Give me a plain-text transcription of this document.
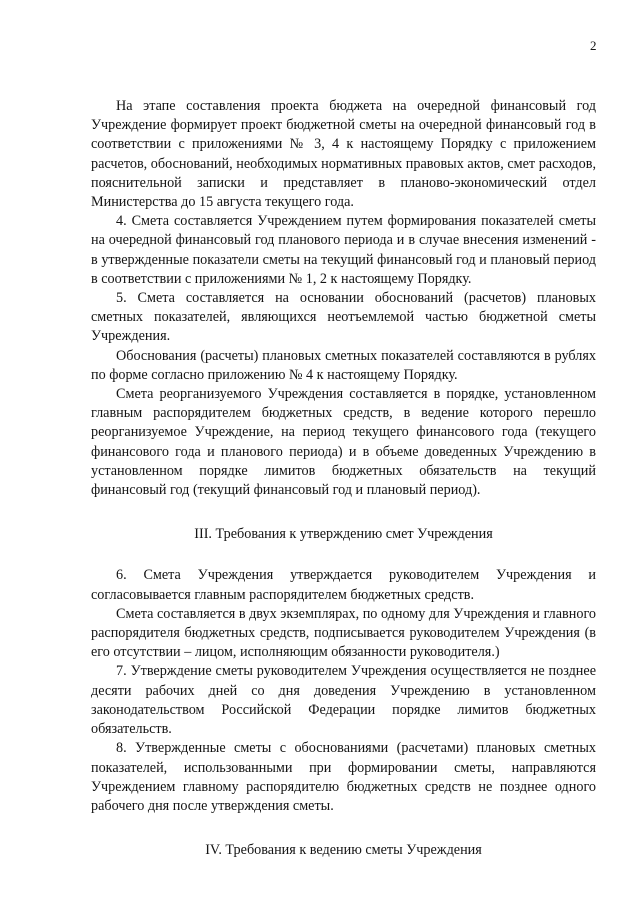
2

На этапе составления проекта бюджета на очередной финансовый год Учреждение формирует проект бюджетной сметы на очередной финансовый год в соответствии с приложениями № 3, 4 к настоящему Порядку с приложением расчетов, обоснований, необходимых нормативных правовых актов, смет расходов, пояснительной записки и представляет в планово-экономический отдел Министерства до 15 августа текущего года.

4. Смета составляется Учреждением путем формирования показателей сметы на очередной финансовый год планового периода и в случае внесения изменений - в утвержденные показатели сметы на текущий финансовый год и плановый период в соответствии с приложениями № 1, 2 к настоящему Порядку.

5. Смета составляется на основании обоснований (расчетов) плановых сметных показателей, являющихся неотъемлемой частью бюджетной сметы Учреждения.

Обоснования (расчеты) плановых сметных показателей составляются в рублях по форме согласно приложению № 4 к настоящему Порядку.

Смета реорганизуемого Учреждения составляется в порядке, установленном главным распорядителем бюджетных средств, в ведение которого перешло реорганизуемое Учреждение, на период текущего финансового года (текущего финансового года и планового периода) и в объеме доведенных Учреждению в установленном порядке лимитов бюджетных обязательств на текущий финансовый год (текущий финансовый год и плановый период).

III. Требования к утверждению смет Учреждения

6. Смета Учреждения утверждается руководителем Учреждения и согласовывается главным распорядителем бюджетных средств.

Смета составляется в двух экземплярах, по одному для Учреждения и главного распорядителя бюджетных средств, подписывается руководителем Учреждения (в его отсутствии – лицом, исполняющим обязанности руководителя.)

7. Утверждение сметы руководителем Учреждения осуществляется не позднее десяти рабочих дней со дня доведения Учреждению в установленном законодательством Российской Федерации порядке лимитов бюджетных обязательств.

8. Утвержденные сметы с обоснованиями (расчетами) плановых сметных показателей, использованными при формировании сметы, направляются Учреждением главному распорядителю бюджетных средств не позднее одного рабочего дня после утверждения сметы.

IV. Требования к ведению сметы Учреждения
